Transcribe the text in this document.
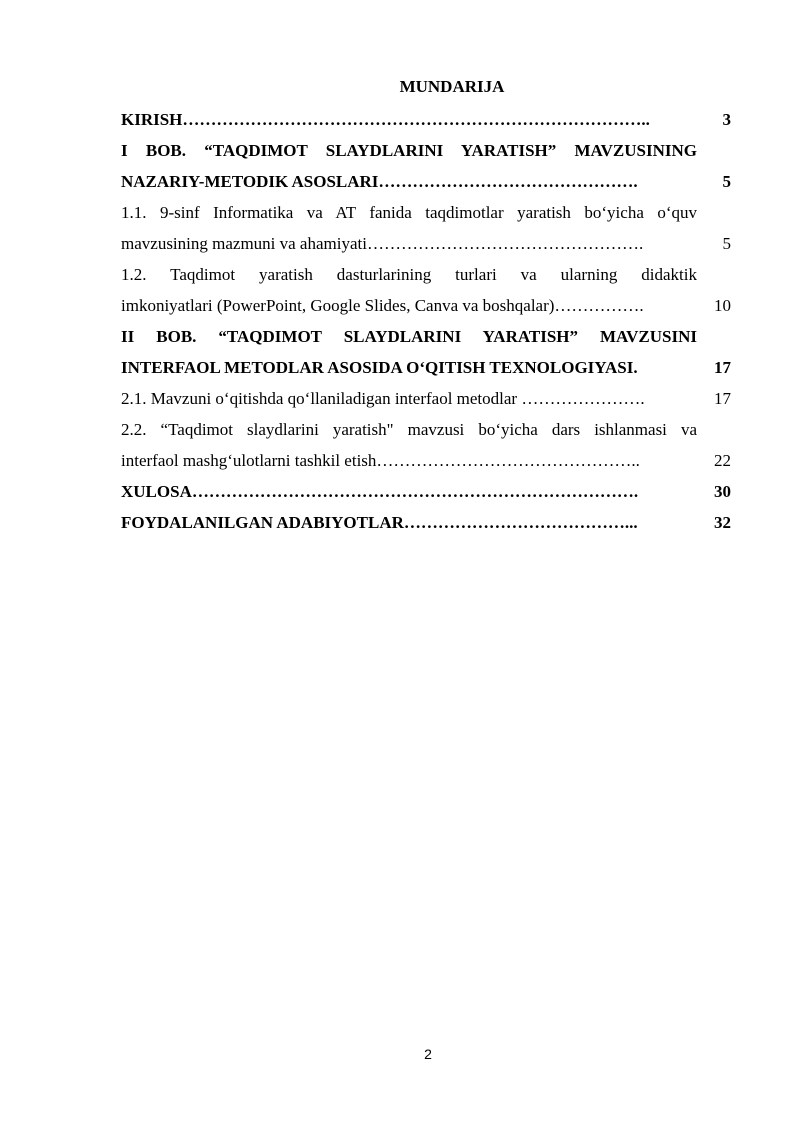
MUNDARIJA
KIRISH………………………………………………………………………..	3
I BOB. “TAQDIMOT SLAYDLARINI YARATISH” MAVZUSINING
NAZARIY-METODIK ASOSLARI……………………………………….	5
1.1. 9-sinf Informatika va AT fanida taqdimotlar yaratish bo‘yicha o‘quv
mavzusining mazmuni va ahamiyati………………………………………….	5
1.2. Taqdimot yaratish dasturlarining turlari va ularning didaktik
imkoniyatlari (PowerPoint, Google Slides, Canva va boshqalar)…………….	10
II BOB. “TAQDIMOT SLAYDLARINI YARATISH” MAVZUSINI
INTERFAOL METODLAR ASOSIDA O‘QITISH TEXNOLOGIYASI.	17
2.1. Mavzuni o‘qitishda qo‘llaniladigan interfaol metodlar ………………….	17
2.2. “Taqdimot slaydlarini yaratish" mavzusi bo‘yicha dars ishlanmasi va
interfaol mashg‘ulotlarni tashkil etish………………………………………..	22
XULOSA…………………………………………………………………….	30
FOYDALANILGAN ADABIYOTLAR…………………………………...	32
2
